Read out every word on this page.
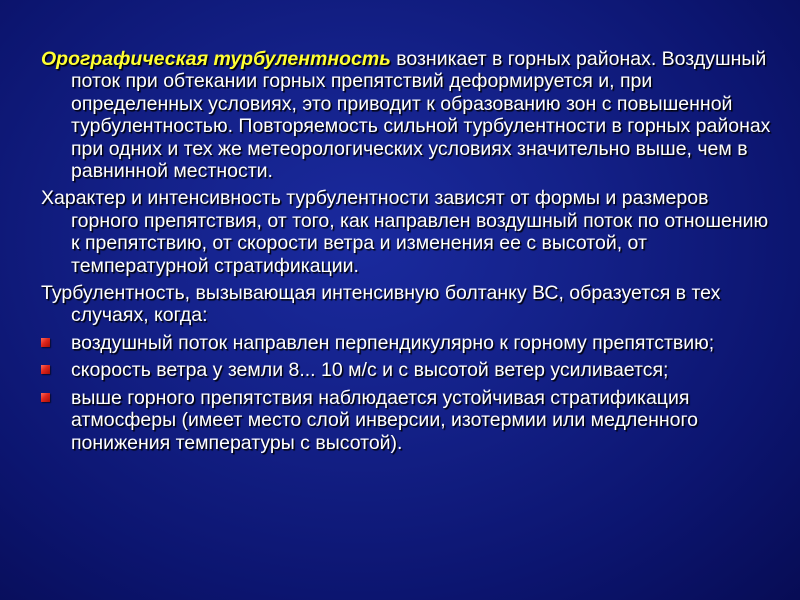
Орографическая турбулентность возникает в горных районах. Воздушный поток при обтекании горных препятствий деформируется и, при определенных условиях, это приводит к образованию зон с повышенной турбулентностью. Повторяемость сильной турбулентности в горных районах при одних и тех же метеорологических условиях значительно выше, чем в равнинной местности.

Характер и интенсивность турбулентности зависят от формы и размеров горного препятствия, от того, как направлен воздушный поток по отношению к препятствию, от скорости ветра и изменения ее с высотой, от температурной стратификации.

Турбулентность, вызывающая интенсивную болтанку ВС, образуется в тех случаях, когда:

воздушный поток направлен перпендикулярно к горному препятствию;
скорость ветра у земли 8... 10 м/с и с высотой ветер усиливается;
выше горного препятствия наблюдается устойчивая стратификация атмосферы (имеет место слой инверсии, изотермии или медленного понижения температуры с высотой).
